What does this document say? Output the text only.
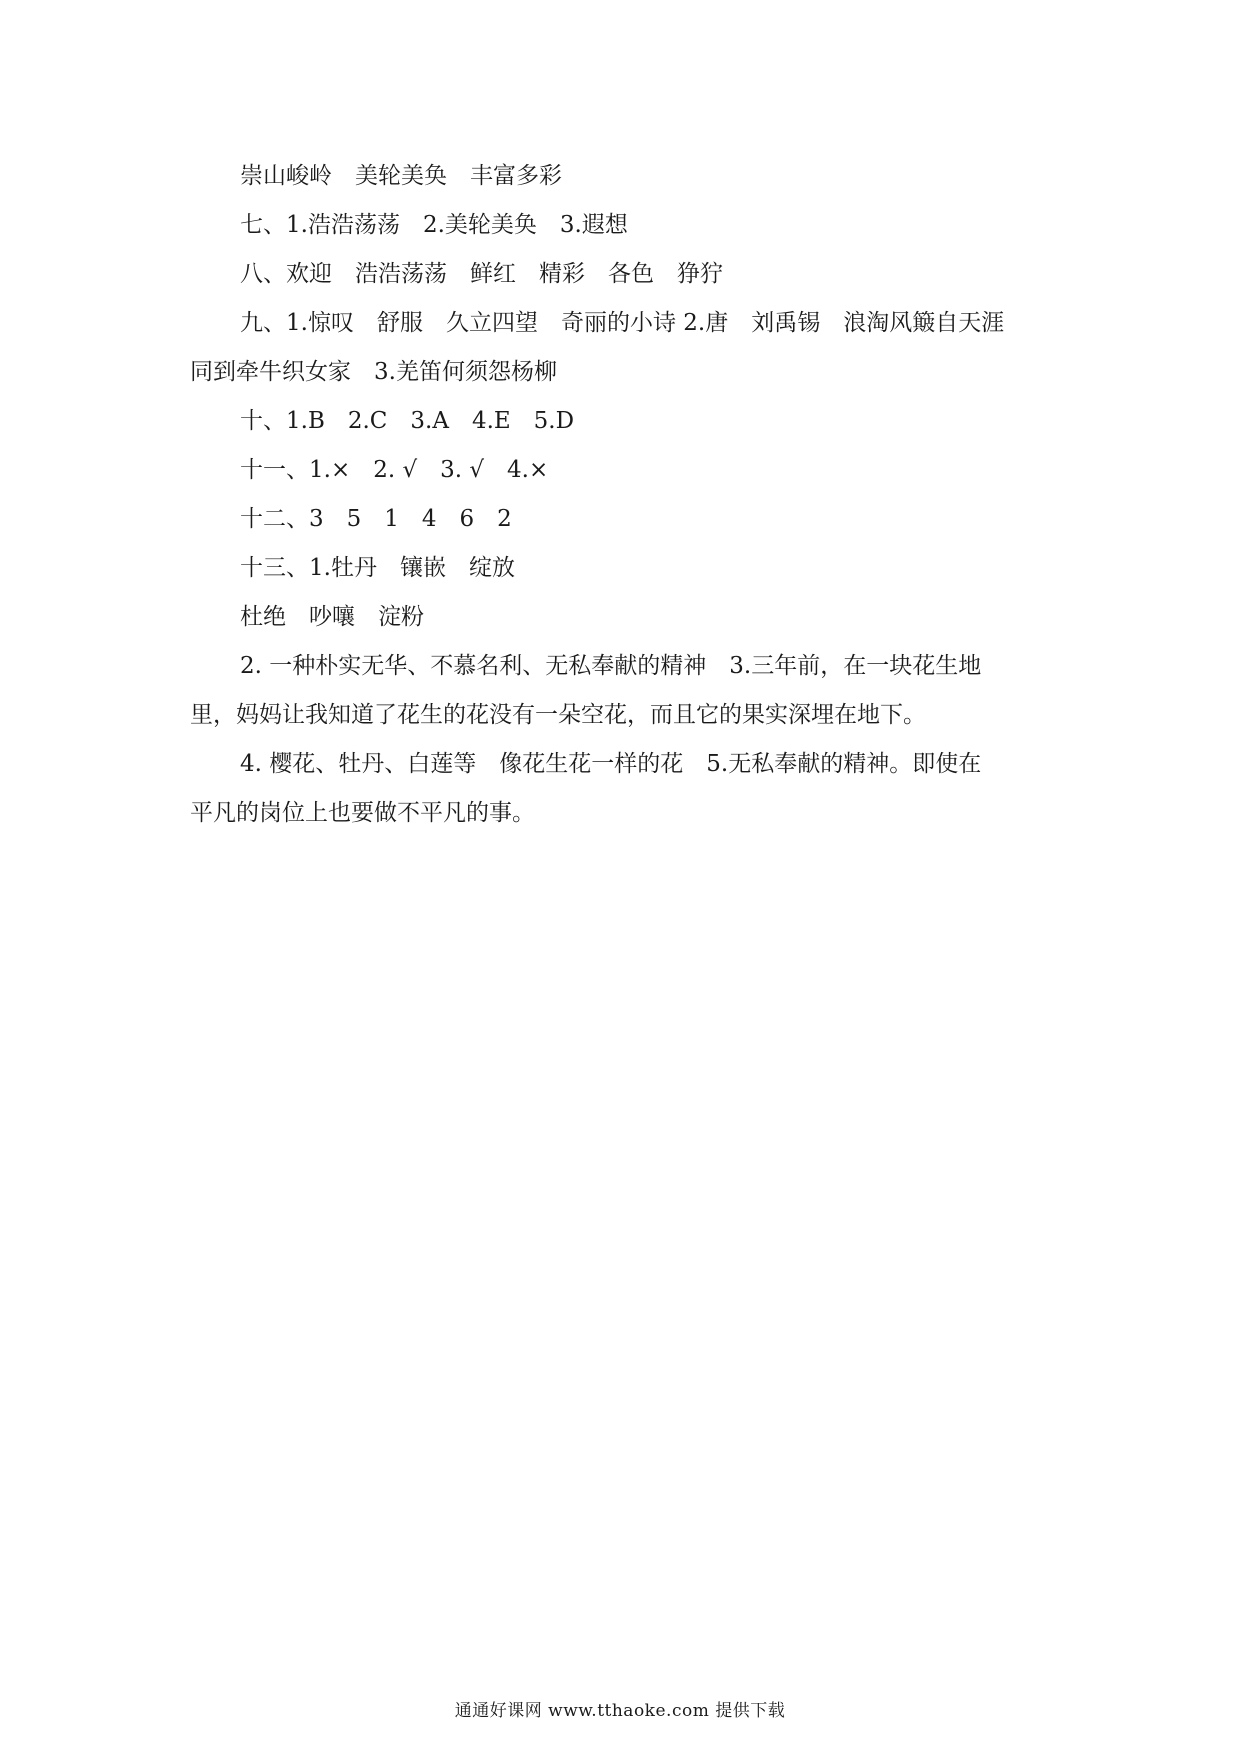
崇山峻岭　美轮美奂　丰富多彩

七、1.浩浩荡荡　2.美轮美奂　3.遐想

八、欢迎　浩浩荡荡　鲜红　精彩　各色　狰狞

九、1.惊叹　舒服　久立四望　奇丽的小诗 2.唐　刘禹锡　浪淘风簸自天涯

同到牵牛织女家　3.羌笛何须怨杨柳

十、1.B　2.C　3.A　4.E　5.D

十一、1.×　2. √　3. √　4.×

十二、3　5　1　4　6　2

十三、1.牡丹　镶嵌　绽放

杜绝　吵嚷　淀粉

2. 一种朴实无华、不慕名利、无私奉献的精神　3.三年前，在一块花生地

里，妈妈让我知道了花生的花没有一朵空花，而且它的果实深埋在地下。

4. 樱花、牡丹、白莲等　像花生花一样的花　5.无私奉献的精神。即使在

平凡的岗位上也要做不平凡的事。

通通好课网 www.tthaoke.com 提供下载
